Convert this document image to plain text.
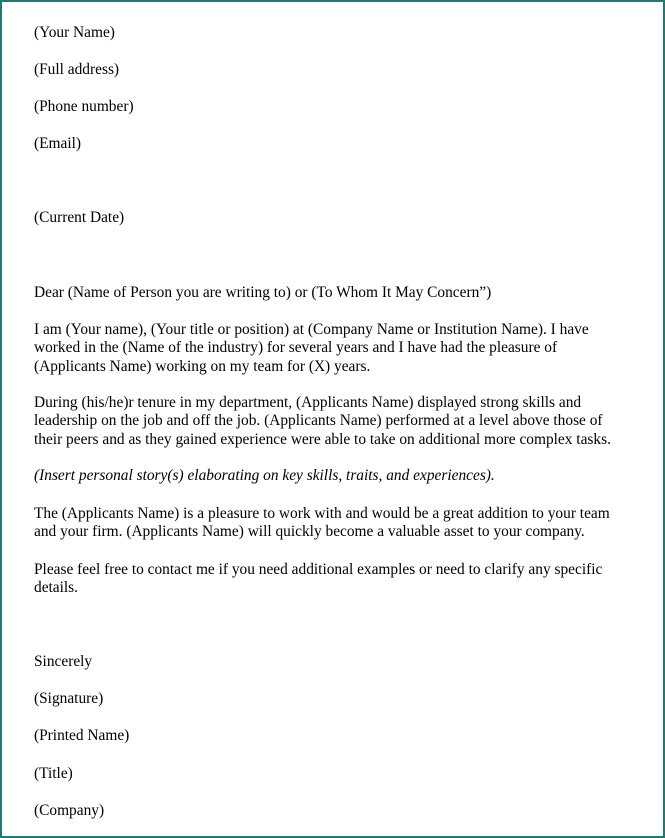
(Your Name)

(Full address)

(Phone number)

(Email)

(Current Date)

Dear (Name of Person you are writing to) or (To Whom It May Concern”)

I am (Your name), (Your title or position) at (Company Name or Institution Name). I have

worked in the (Name of the industry) for several years and I have had the pleasure of

(Applicants Name) working on my team for (X) years.

During (his/he)r tenure in my department, (Applicants Name) displayed strong skills and

leadership on the job and off the job. (Applicants Name) performed at a level above those of

their peers and as they gained experience were able to take on additional more complex tasks.

(Insert personal story(s) elaborating on key skills, traits, and experiences).

The (Applicants Name) is a pleasure to work with and would be a great addition to your team

and your firm. (Applicants Name) will quickly become a valuable asset to your company.

Please feel free to contact me if you need additional examples or need to clarify any specific

details.

Sincerely

(Signature)

(Printed Name)

(Title)

(Company)
